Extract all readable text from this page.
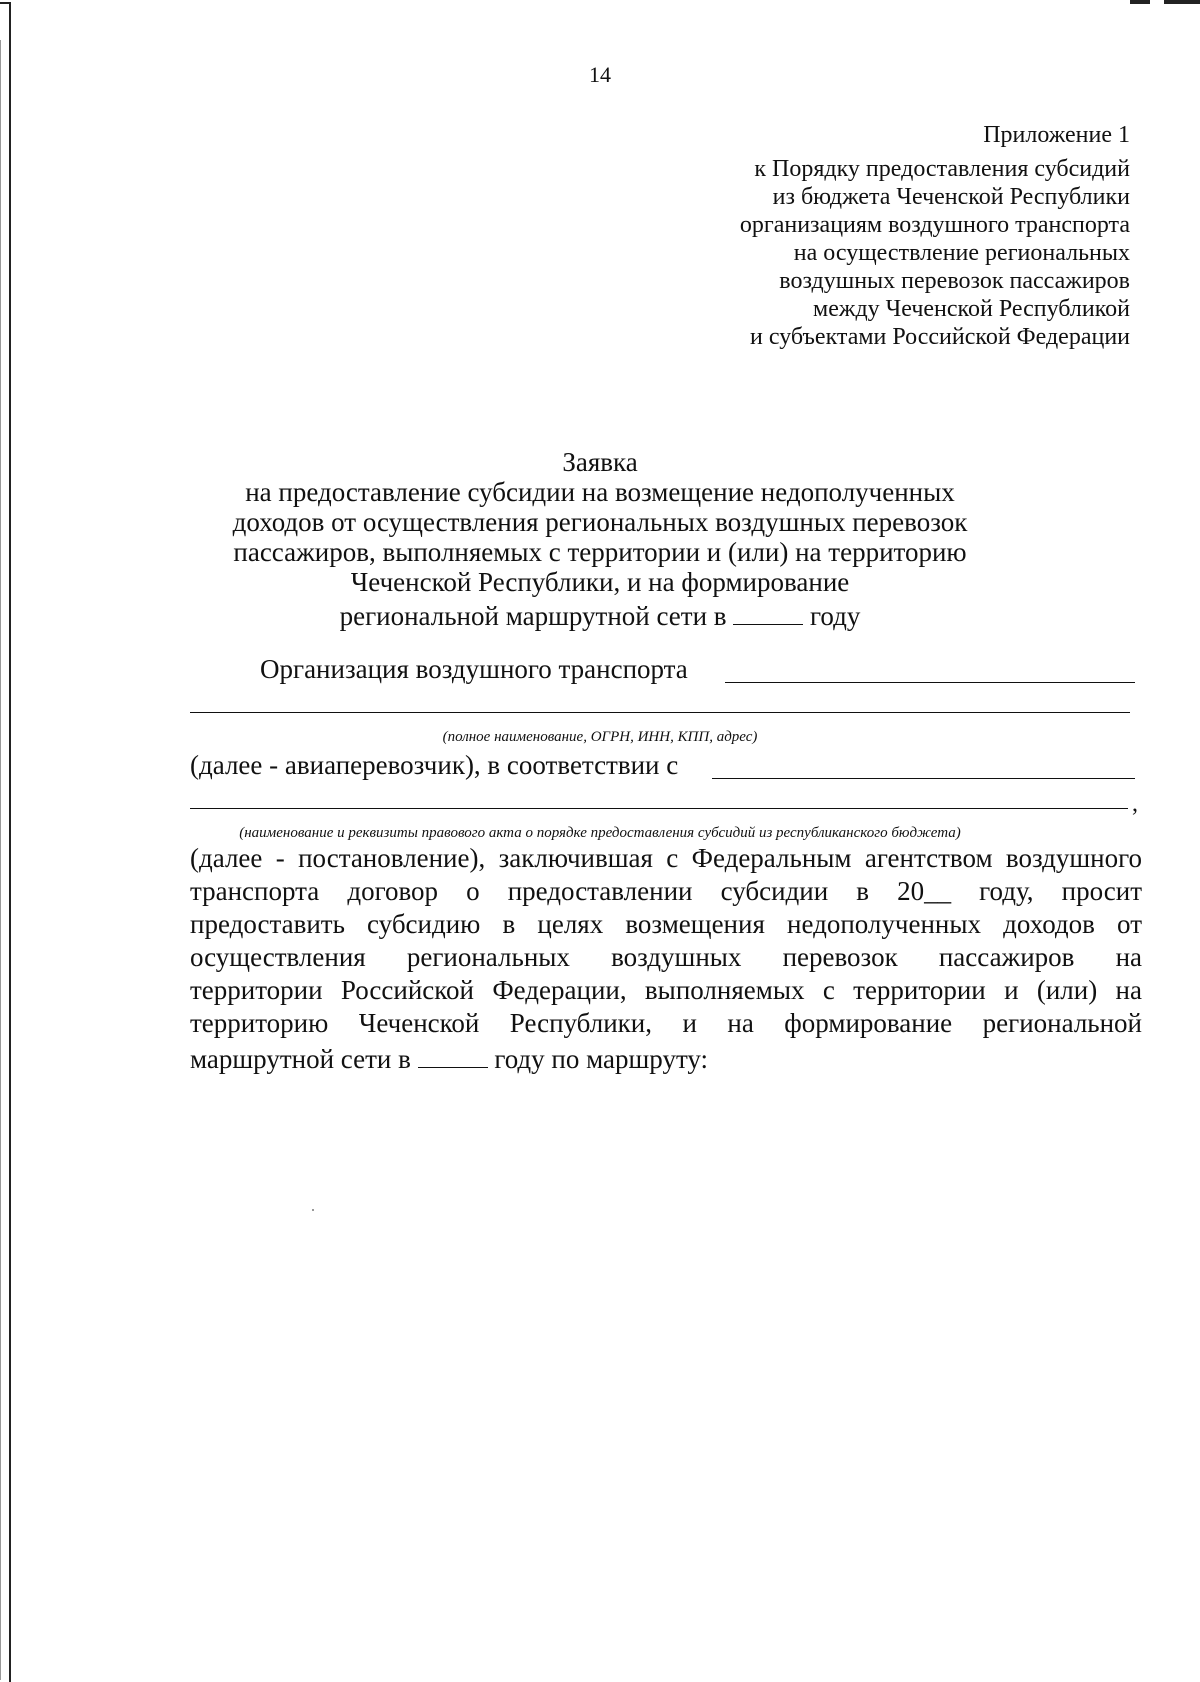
14
Приложение 1
к Порядку предоставления субсидий
из бюджета Чеченской Республики
организациям воздушного транспорта
на осуществление региональных
воздушных перевозок пассажиров
между Чеченской Республикой
и субъектами Российской Федерации
Заявка
на предоставление субсидии на возмещение недополученных
доходов от осуществления региональных воздушных перевозок
пассажиров, выполняемых с территории и (или) на территорию
Чеченской Республики, и на формирование
региональной маршрутной сети в	году
Организация воздушного транспорта
(полное наименование, ОГРН, ИНН, КПП, адрес)
(далее - авиаперевозчик), в соответствии с
,
(наименование и реквизиты правового акта о порядке предоставления субсидий из республиканского бюджета)
(далее - постановление), заключившая с Федеральным агентством воздушного
транспорта договор о предоставлении субсидии в 20__ году, просит
предоставить субсидию в целях возмещения недополученных доходов от
осуществления региональных воздушных перевозок пассажиров на
территории Российской Федерации, выполняемых с территории и (или) на
территорию Чеченской Республики, и на формирование региональной
маршрутной сети в	году по маршруту:
